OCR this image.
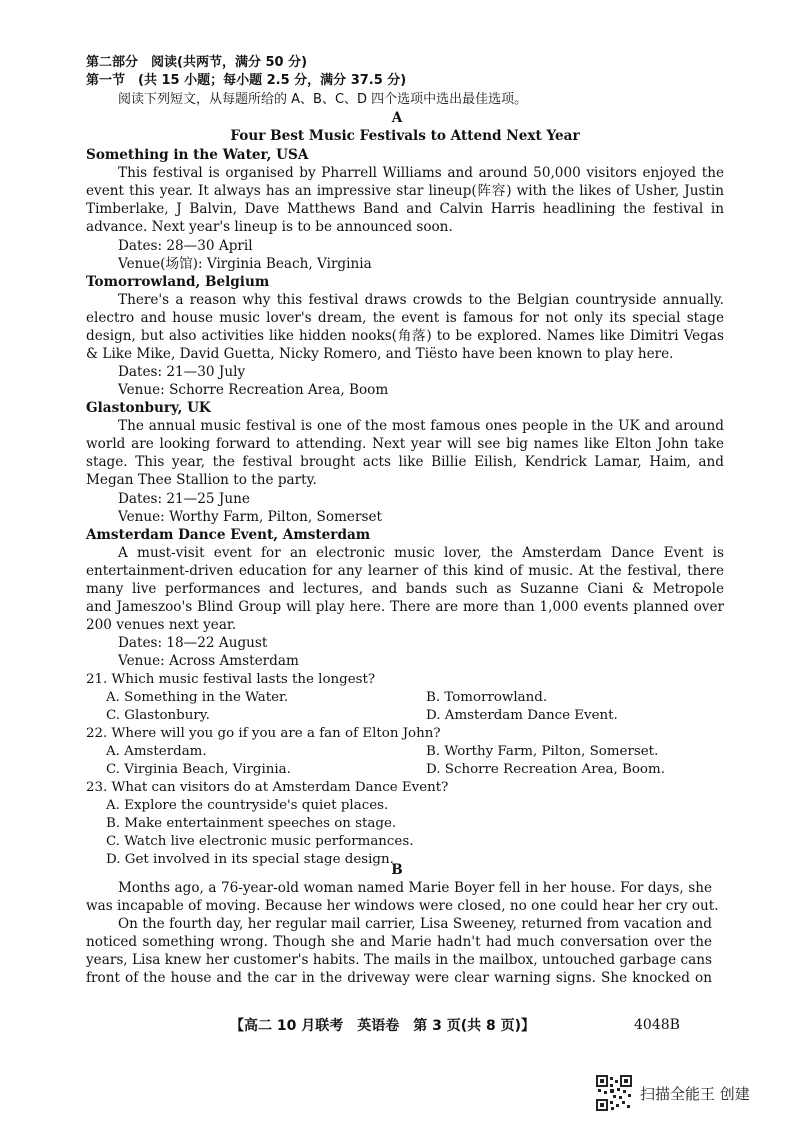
第二部分　阅读(共两节，满分 50 分)
第一节　(共 15 小题；每小题 2.5 分，满分 37.5 分)
阅读下列短文，从每题所给的 A、B、C、D 四个选项中选出最佳选项。
A
Four Best Music Festivals to Attend Next Year
Something in the Water, USA
This festival is organised by Pharrell Williams and around 50,000 visitors enjoyed the
event this year. It always has an impressive star lineup(阵容) with the likes of Usher, Justin
Timberlake, J Balvin, Dave Matthews Band and Calvin Harris headlining the festival in
advance. Next year's lineup is to be announced soon.
Dates: 28—30 April
Venue(场馆): Virginia Beach, Virginia
Tomorrowland, Belgium
There's a reason why this festival draws crowds to the Belgian countryside annually.
electro and house music lover's dream, the event is famous for not only its special stage
design, but also activities like hidden nooks(角落) to be explored. Names like Dimitri Vegas
& Like Mike, David Guetta, Nicky Romero, and Tiësto have been known to play here.
Dates: 21—30 July
Venue: Schorre Recreation Area, Boom
Glastonbury, UK
The annual music festival is one of the most famous ones people in the UK and around
world are looking forward to attending. Next year will see big names like Elton John take
stage. This year, the festival brought acts like Billie Eilish, Kendrick Lamar, Haim, and
Megan Thee Stallion to the party.
Dates: 21—25 June
Venue: Worthy Farm, Pilton, Somerset
Amsterdam Dance Event, Amsterdam
A must-visit event for an electronic music lover, the Amsterdam Dance Event is
entertainment-driven education for any learner of this kind of music. At the festival, there
many live performances and lectures, and bands such as Suzanne Ciani & Metropole
and Jameszoo's Blind Group will play here. There are more than 1,000 events planned over
200 venues next year.
Dates: 18—22 August
Venue: Across Amsterdam
21. Which music festival lasts the longest?
A. Something in the Water.	B. Tomorrowland.
C. Glastonbury.	D. Amsterdam Dance Event.
22. Where will you go if you are a fan of Elton John?
A. Amsterdam.	B. Worthy Farm, Pilton, Somerset.
C. Virginia Beach, Virginia.	D. Schorre Recreation Area, Boom.
23. What can visitors do at Amsterdam Dance Event?
A. Explore the countryside's quiet places.
B. Make entertainment speeches on stage.
C. Watch live electronic music performances.
D. Get involved in its special stage design.
B
Months ago, a 76-year-old woman named Marie Boyer fell in her house. For days, she
was incapable of moving. Because her windows were closed, no one could hear her cry out.
On the fourth day, her regular mail carrier, Lisa Sweeney, returned from vacation and
noticed something wrong. Though she and Marie hadn't had much conversation over the
years, Lisa knew her customer's habits. The mails in the mailbox, untouched garbage cans
front of the house and the car in the driveway were clear warning signs. She knocked on
【高二 10 月联考　英语卷　第 3 页(共 8 页)】	4048B
扫描全能王 创建
